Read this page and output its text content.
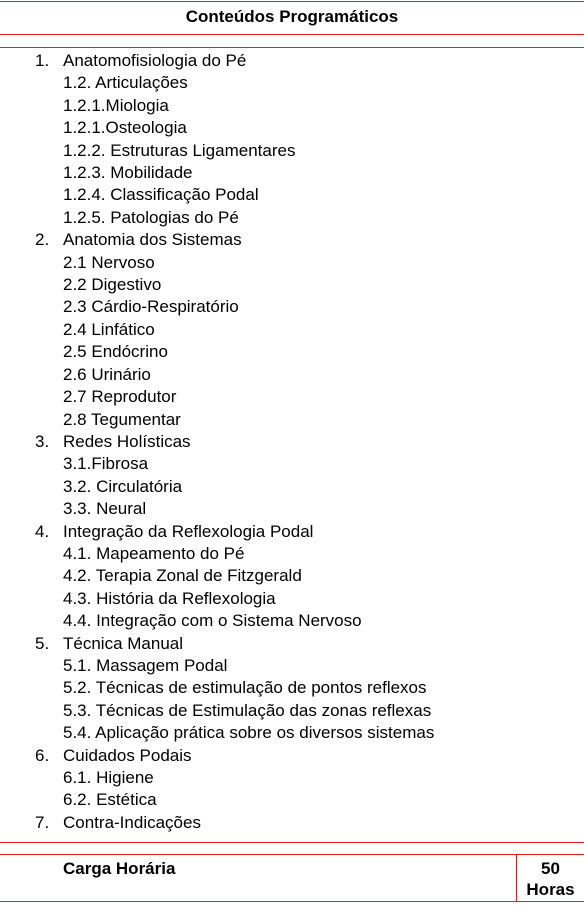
Conteúdos Programáticos
1. Anatomofisiologia do Pé
1.2. Articulações
1.2.1.Miologia
1.2.1.Osteologia
1.2.2. Estruturas Ligamentares
1.2.3. Mobilidade
1.2.4. Classificação Podal
1.2.5. Patologias do Pé
2. Anatomia dos Sistemas
2.1 Nervoso
2.2 Digestivo
2.3 Cárdio-Respiratório
2.4 Linfático
2.5 Endócrino
2.6 Urinário
2.7 Reprodutor
2.8 Tegumentar
3. Redes Holísticas
3.1.Fibrosa
3.2. Circulatória
3.3. Neural
4. Integração da Reflexologia Podal
4.1. Mapeamento do Pé
4.2. Terapia Zonal de Fitzgerald
4.3. História da Reflexologia
4.4. Integração com o Sistema Nervoso
5. Técnica Manual
5.1. Massagem Podal
5.2. Técnicas de estimulação de pontos reflexos
5.3. Técnicas de Estimulação das zonas reflexas
5.4. Aplicação prática sobre os diversos sistemas
6. Cuidados Podais
6.1. Higiene
6.2. Estética
7. Contra-Indicações
Carga Horária	50
Horas
